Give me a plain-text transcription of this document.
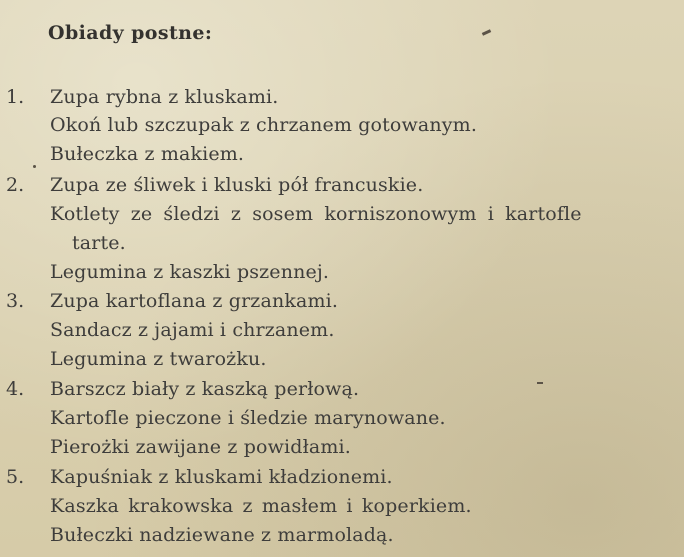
Obiady postne:
1. Zupa rybna z kluskami.
Okoń lub szczupak z chrzanem gotowanym.
Bułeczka z makiem.
2. Zupa ze śliwek i kluski pół francuskie.
Kotlety ze śledzi z sosem korniszonowym i kartofle
tarte.
Legumina z kaszki pszennej.
3. Zupa kartoflana z grzankami.
Sandacz z jajami i chrzanem.
Legumina z twarożku.
4. Barszcz biały z kaszką perłową.
Kartofle pieczone i śledzie marynowane.
Pierożki zawijane z powidłami.
5. Kapuśniak z kluskami kładzionemi.
Kaszka krakowska z masłem i koperkiem.
Bułeczki nadziewane z marmoladą.
